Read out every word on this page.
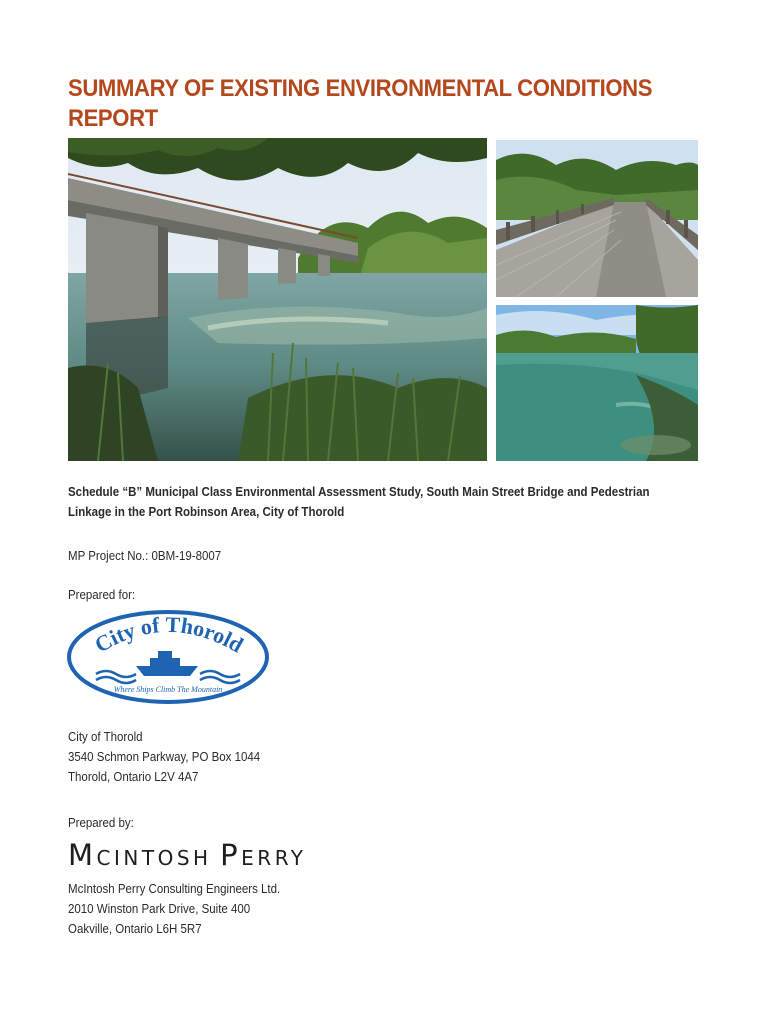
SUMMARY OF EXISTING ENVIRONMENTAL CONDITIONS
REPORT
Schedule “B” Municipal Class Environmental Assessment Study, South Main Street Bridge and Pedestrian
Linkage in the Port Robinson Area, City of Thorold
MP Project No.: 0BM-19-8007
Prepared for:
City of Thorold
Where Ships Climb The Mountain
City of Thorold
3540 Schmon Parkway, PO Box 1044
Thorold, Ontario L2V 4A7
Prepared by:
MCINTOSH PERRY
McIntosh Perry Consulting Engineers Ltd.
2010 Winston Park Drive, Suite 400
Oakville, Ontario L6H 5R7
